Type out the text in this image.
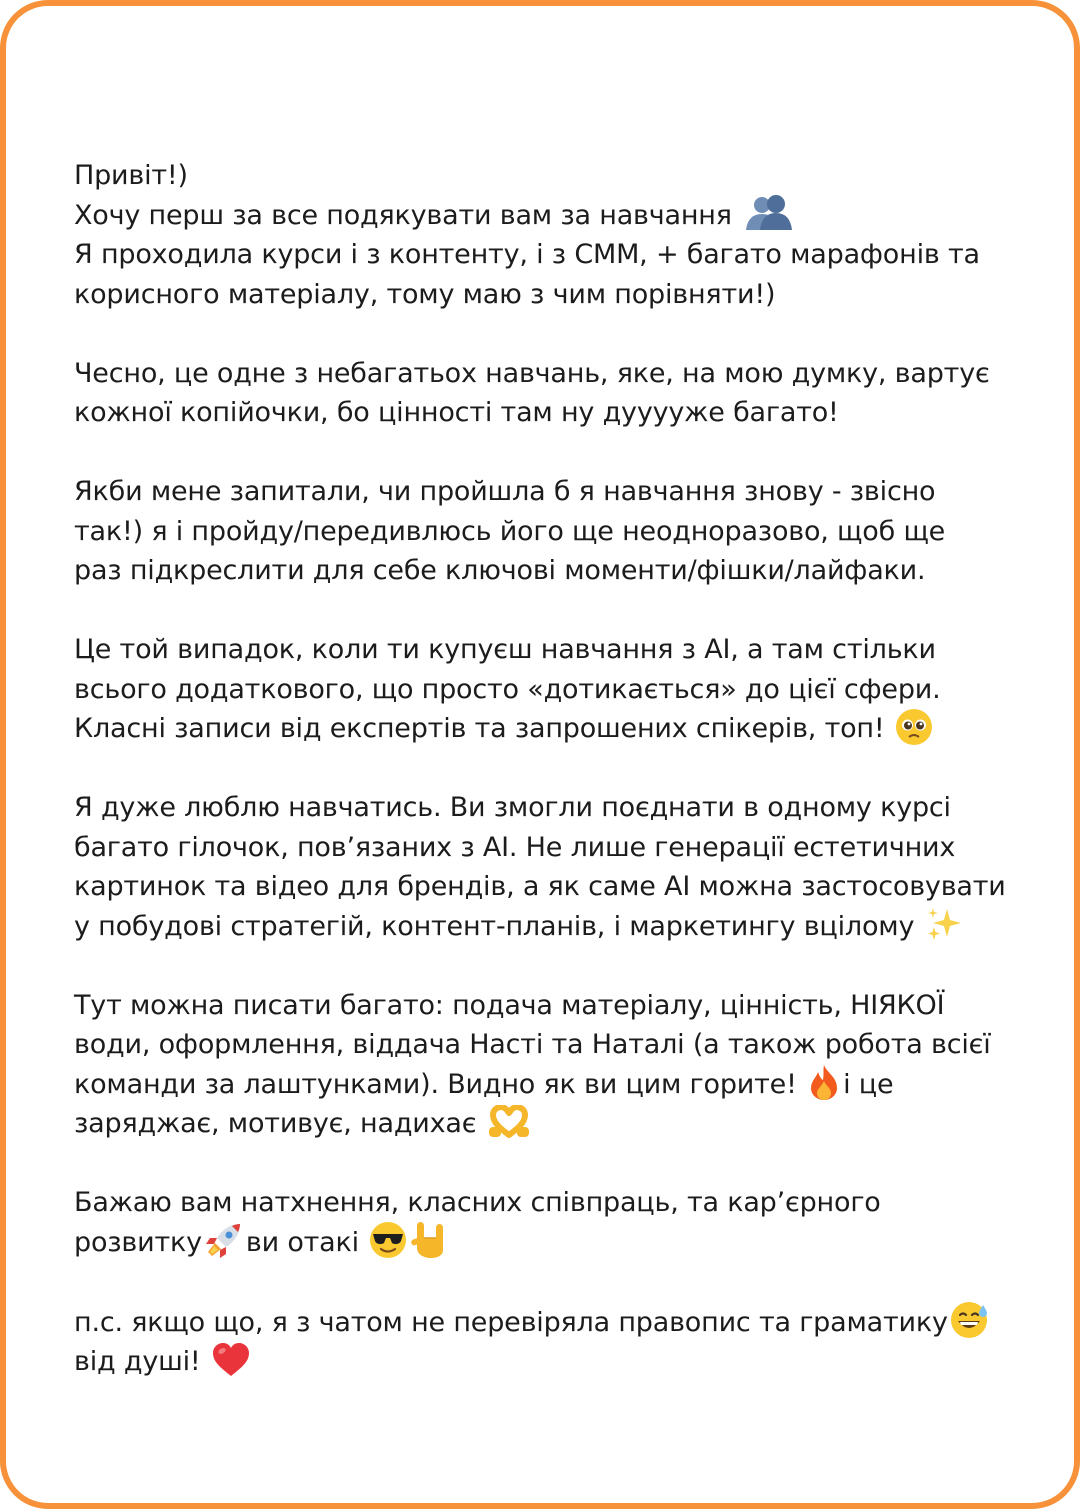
Привіт!)
Хочу перш за все подякувати вам за навчання
Я проходила курси і з контенту, і з СММ, + багато марафонів та
корисного матеріалу, тому маю з чим порівняти!)
Чесно, це одне з небагатьох навчань, яке, на мою думку, вартує
кожної копійочки, бо цінності там ну дууууже багато!
Якби мене запитали, чи пройшла б я навчання знову - звісно
так!) я і пройду/передивлюсь його ще неодноразово, щоб ще
раз підкреслити для себе ключові моменти/фішки/лайфаки.
Це той випадок, коли ти купуєш навчання з AI, а там стільки
всього додаткового, що просто «дотикається» до цієї сфери.
Класні записи від експертів та запрошених спікерів, топ!
Я дуже люблю навчатись. Ви змогли поєднати в одному курсі
багато гілочок, пов’язаних з AI. Не лише генерації естетичних
картинок та відео для брендів, а як саме AI можна застосовувати
у побудові стратегій, контент-планів, і маркетингу вцілому
Тут можна писати багато: подача матеріалу, цінність, НІЯКОЇ
води, оформлення, віддача Насті та Наталі (а також робота всієї
команди за лаштунками). Видно як ви цим горите! і це
заряджає, мотивує, надихає
Бажаю вам натхнення, класних співпраць, та кар’єрного
розвитку ви отакі
п.с. якщо що, я з чатом не перевіряла правопис та граматику
від душі!
